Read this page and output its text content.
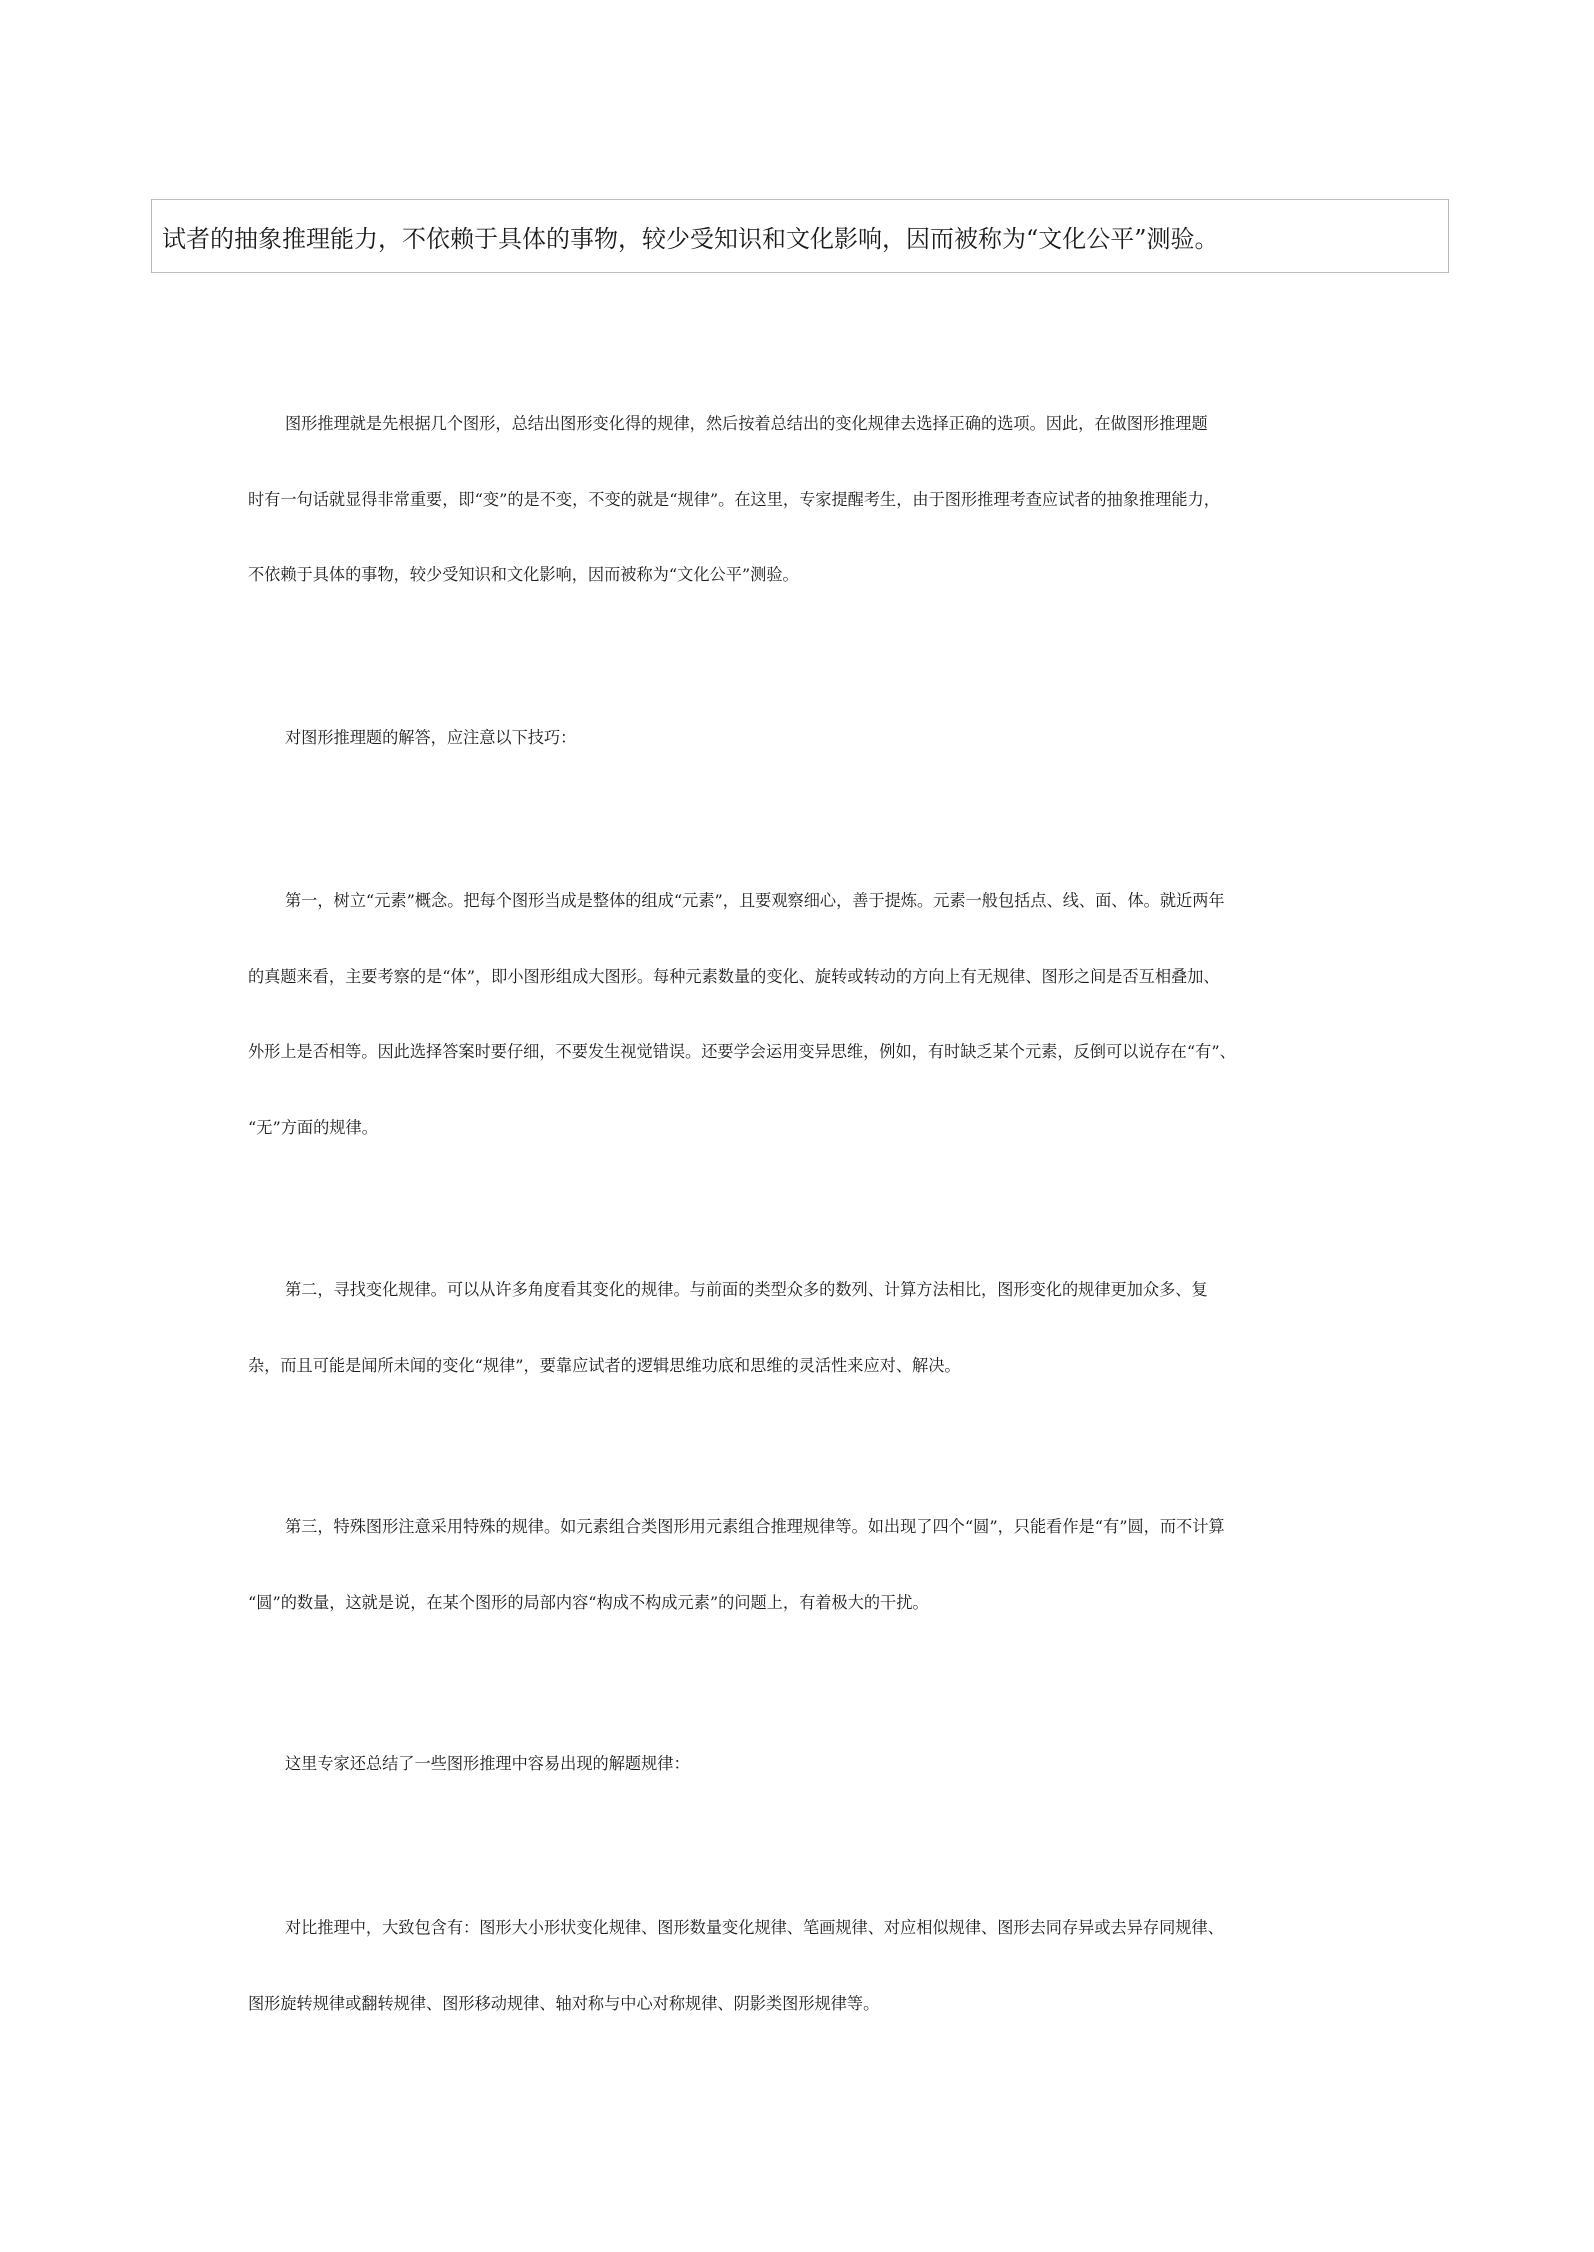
试者的抽象推理能力，不依赖于具体的事物，较少受知识和文化影响，因而被称为“文化公平”测验。
图形推理就是先根据几个图形，总结出图形变化得的规律，然后按着总结出的变化规律去选择正确的选项。因此，在做图形推理题
时有一句话就显得非常重要，即“变”的是不变，不变的就是“规律”。在这里，专家提醒考生，由于图形推理考查应试者的抽象推理能力，
不依赖于具体的事物，较少受知识和文化影响，因而被称为“文化公平”测验。
对图形推理题的解答，应注意以下技巧：
第一，树立“元素”概念。把每个图形当成是整体的组成“元素”，且要观察细心，善于提炼。元素一般包括点、线、面、体。就近两年
的真题来看，主要考察的是“体”，即小图形组成大图形。每种元素数量的变化、旋转或转动的方向上有无规律、图形之间是否互相叠加、
外形上是否相等。因此选择答案时要仔细，不要发生视觉错误。还要学会运用变异思维，例如，有时缺乏某个元素，反倒可以说存在“有”、
“无”方面的规律。
第二，寻找变化规律。可以从许多角度看其变化的规律。与前面的类型众多的数列、计算方法相比，图形变化的规律更加众多、复
杂，而且可能是闻所未闻的变化“规律”，要靠应试者的逻辑思维功底和思维的灵活性来应对、解决。
第三，特殊图形注意采用特殊的规律。如元素组合类图形用元素组合推理规律等。如出现了四个“圆”，只能看作是“有”圆，而不计算
“圆”的数量，这就是说，在某个图形的局部内容“构成不构成元素”的问题上，有着极大的干扰。
这里专家还总结了一些图形推理中容易出现的解题规律：
对比推理中，大致包含有：图形大小形状变化规律、图形数量变化规律、笔画规律、对应相似规律、图形去同存异或去异存同规律、
图形旋转规律或翻转规律、图形移动规律、轴对称与中心对称规律、阴影类图形规律等。
